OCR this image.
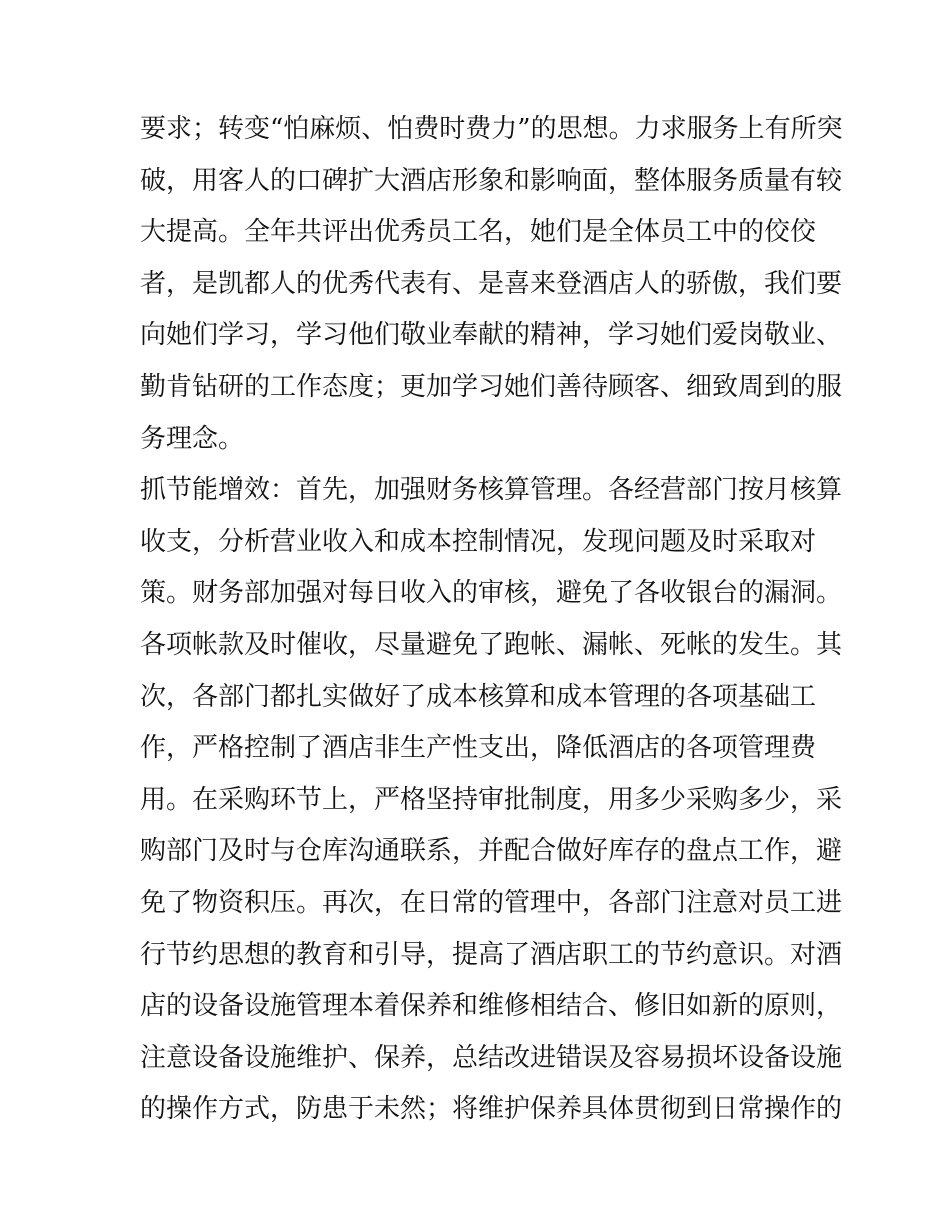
要求；转变“怕麻烦、怕费时费力”的思想。力求服务上有所突
破，用客人的口碑扩大酒店形象和影响面，整体服务质量有较
大提高。全年共评出优秀员工名，她们是全体员工中的佼佼
者，是凯都人的优秀代表有、是喜来登酒店人的骄傲，我们要
向她们学习，学习他们敬业奉献的精神，学习她们爱岗敬业、
勤肯钻研的工作态度；更加学习她们善待顾客、细致周到的服
务理念。
抓节能增效：首先，加强财务核算管理。各经营部门按月核算
收支，分析营业收入和成本控制情况，发现问题及时采取对
策。财务部加强对每日收入的审核，避免了各收银台的漏洞。
各项帐款及时催收，尽量避免了跑帐、漏帐、死帐的发生。其
次，各部门都扎实做好了成本核算和成本管理的各项基础工
作，严格控制了酒店非生产性支出，降低酒店的各项管理费
用。在采购环节上，严格坚持审批制度，用多少采购多少，采
购部门及时与仓库沟通联系，并配合做好库存的盘点工作，避
免了物资积压。再次，在日常的管理中，各部门注意对员工进
行节约思想的教育和引导，提高了酒店职工的节约意识。对酒
店的设备设施管理本着保养和维修相结合、修旧如新的原则，
注意设备设施维护、保养，总结改进错误及容易损坏设备设施
的操作方式，防患于未然；将维护保养具体贯彻到日常操作的
